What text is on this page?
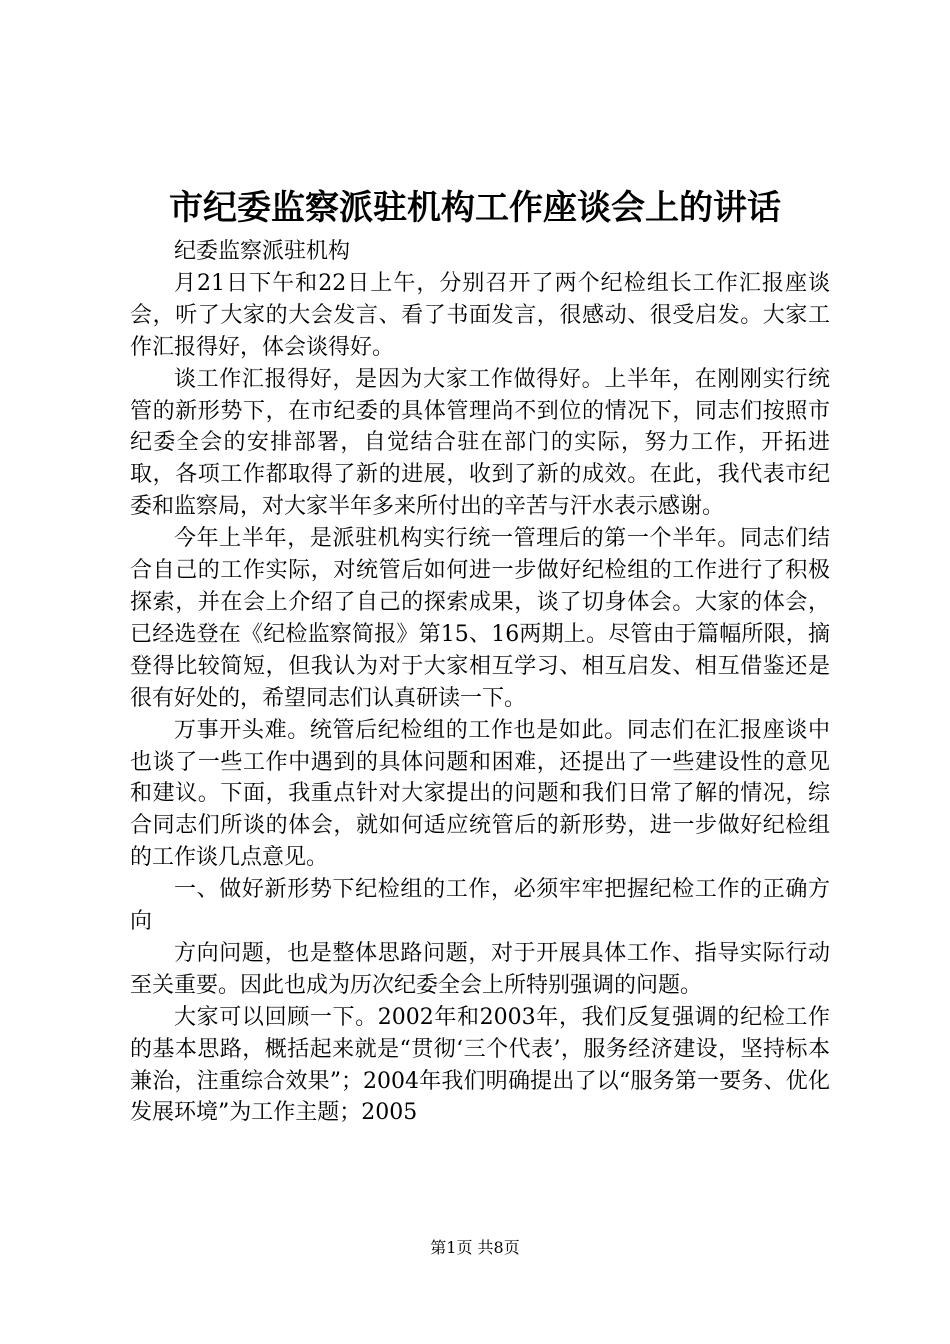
市纪委监察派驻机构工作座谈会上的讲话

纪委监察派驻机构

月21日下午和22日上午，分别召开了两个纪检组长工作汇报座谈会，听了大家的大会发言、看了书面发言，很感动、很受启发。大家工作汇报得好，体会谈得好。

谈工作汇报得好，是因为大家工作做得好。上半年，在刚刚实行统管的新形势下，在市纪委的具体管理尚不到位的情况下，同志们按照市纪委全会的安排部署，自觉结合驻在部门的实际，努力工作，开拓进取，各项工作都取得了新的进展，收到了新的成效。在此，我代表市纪委和监察局，对大家半年多来所付出的辛苦与汗水表示感谢。

今年上半年，是派驻机构实行统一管理后的第一个半年。同志们结合自己的工作实际，对统管后如何进一步做好纪检组的工作进行了积极探索，并在会上介绍了自己的探索成果，谈了切身体会。大家的体会，已经选登在《纪检监察简报》第15、16两期上。尽管由于篇幅所限，摘登得比较简短，但我认为对于大家相互学习、相互启发、相互借鉴还是很有好处的，希望同志们认真研读一下。

万事开头难。统管后纪检组的工作也是如此。同志们在汇报座谈中也谈了一些工作中遇到的具体问题和困难，还提出了一些建设性的意见和建议。下面，我重点针对大家提出的问题和我们日常了解的情况，综合同志们所谈的体会，就如何适应统管后的新形势，进一步做好纪检组的工作谈几点意见。

一、做好新形势下纪检组的工作，必须牢牢把握纪检工作的正确方向

方向问题，也是整体思路问题，对于开展具体工作、指导实际行动至关重要。因此也成为历次纪委全会上所特别强调的问题。

大家可以回顾一下。2002年和2003年，我们反复强调的纪检工作的基本思路，概括起来就是“贯彻‘三个代表’，服务经济建设，坚持标本兼治，注重综合效果”；2004年我们明确提出了以“服务第一要务、优化发展环境”为工作主题；2005

第1页 共8页
